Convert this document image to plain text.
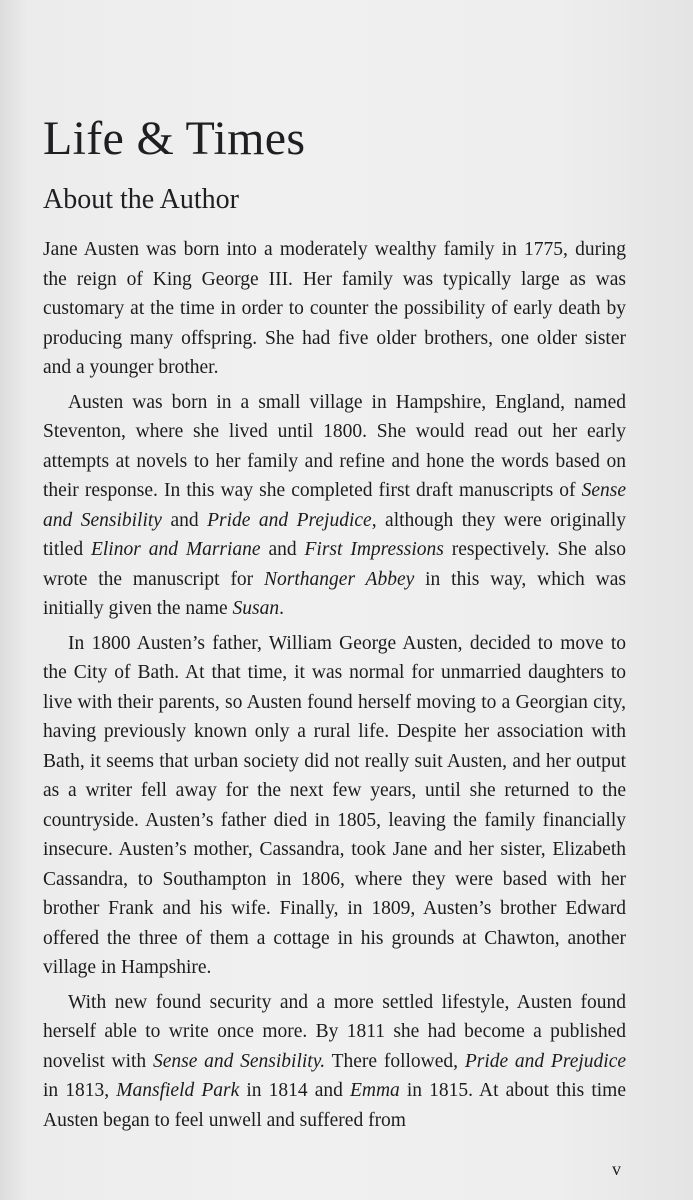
Life & Times
About the Author

Jane Austen was born into a moderately wealthy family in 1775, during the reign of King George III. Her family was typically large as was customary at the time in order to counter the possibility of early death by producing many offspring. She had five older brothers, one older sister and a younger brother.

Austen was born in a small village in Hampshire, England, named Steventon, where she lived until 1800. She would read out her early attempts at novels to her family and refine and hone the words based on their response. In this way she completed first draft manuscripts of Sense and Sensibility and Pride and Prejudice, although they were originally titled Elinor and Marriane and First Impressions respectively. She also wrote the manuscript for Northanger Abbey in this way, which was initially given the name Susan.

In 1800 Austen’s father, William George Austen, decided to move to the City of Bath. At that time, it was normal for unmarried daughters to live with their parents, so Austen found herself moving to a Georgian city, having previously known only a rural life. Despite her association with Bath, it seems that urban society did not really suit Austen, and her output as a writer fell away for the next few years, until she returned to the countryside. Austen’s father died in 1805, leaving the family financially insecure. Austen’s mother, Cassandra, took Jane and her sister, Elizabeth Cassandra, to Southampton in 1806, where they were based with her brother Frank and his wife. Finally, in 1809, Austen’s brother Edward offered the three of them a cottage in his grounds at Chawton, another village in Hampshire.

With new found security and a more settled lifestyle, Austen found herself able to write once more. By 1811 she had become a published novelist with Sense and Sensibility. There followed, Pride and Prejudice in 1813, Mansfield Park in 1814 and Emma in 1815. At about this time Austen began to feel unwell and suffered from

v
